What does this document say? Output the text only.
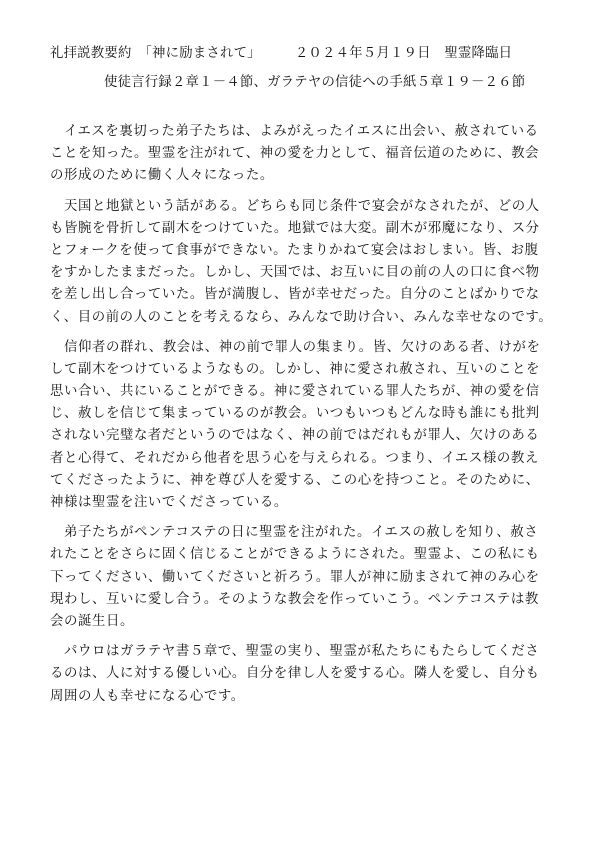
礼拝説教要約　「神に励まされて」　　　２０２４年５月１９日　聖霊降臨日
使徒言行録２章１－４節、ガラテヤの信徒への手紙５章１９－２６節
　イエスを裏切った弟子たちは、よみがえったイエスに出会い、赦されている
ことを知った。聖霊を注がれて、神の愛を力として、福音伝道のために、教会
の形成のために働く人々になった。
　天国と地獄という話がある。どちらも同じ条件で宴会がなされたが、どの人
も皆腕を骨折して副木をつけていた。地獄では大変。副木が邪魔になり、ス分
とフォークを使って食事ができない。たまりかねて宴会はおしまい。皆、お腹
をすかしたままだった。しかし、天国では、お互いに目の前の人の口に食べ物
を差し出し合っていた。皆が満腹し、皆が幸せだった。自分のことばかりでな
く、目の前の人のことを考えるなら、みんなで助け合い、みんな幸せなのです。
　信仰者の群れ、教会は、神の前で罪人の集まり。皆、欠けのある者、けがを
して副木をつけているようなもの。しかし、神に愛され赦され、互いのことを
思い合い、共にいることができる。神に愛されている罪人たちが、神の愛を信
じ、赦しを信じて集まっているのが教会。いつもいつもどんな時も誰にも批判
されない完璧な者だというのではなく、神の前ではだれもが罪人、欠けのある
者と心得て、それだから他者を思う心を与えられる。つまり、イエス様の教え
てくださったように、神を尊び人を愛する、この心を持つこと。そのために、
神様は聖霊を注いでくださっている。
　弟子たちがペンテコステの日に聖霊を注がれた。イエスの赦しを知り、赦さ
れたことをさらに固く信じることができるようにされた。聖霊よ、この私にも
下ってください、働いてくださいと祈ろう。罪人が神に励まされて神のみ心を
現わし、互いに愛し合う。そのような教会を作っていこう。ペンテコステは教
会の誕生日。
　パウロはガラテヤ書５章で、聖霊の実り、聖霊が私たちにもたらしてくださ
るのは、人に対する優しい心。自分を律し人を愛する心。隣人を愛し、自分も
周囲の人も幸せになる心です。
